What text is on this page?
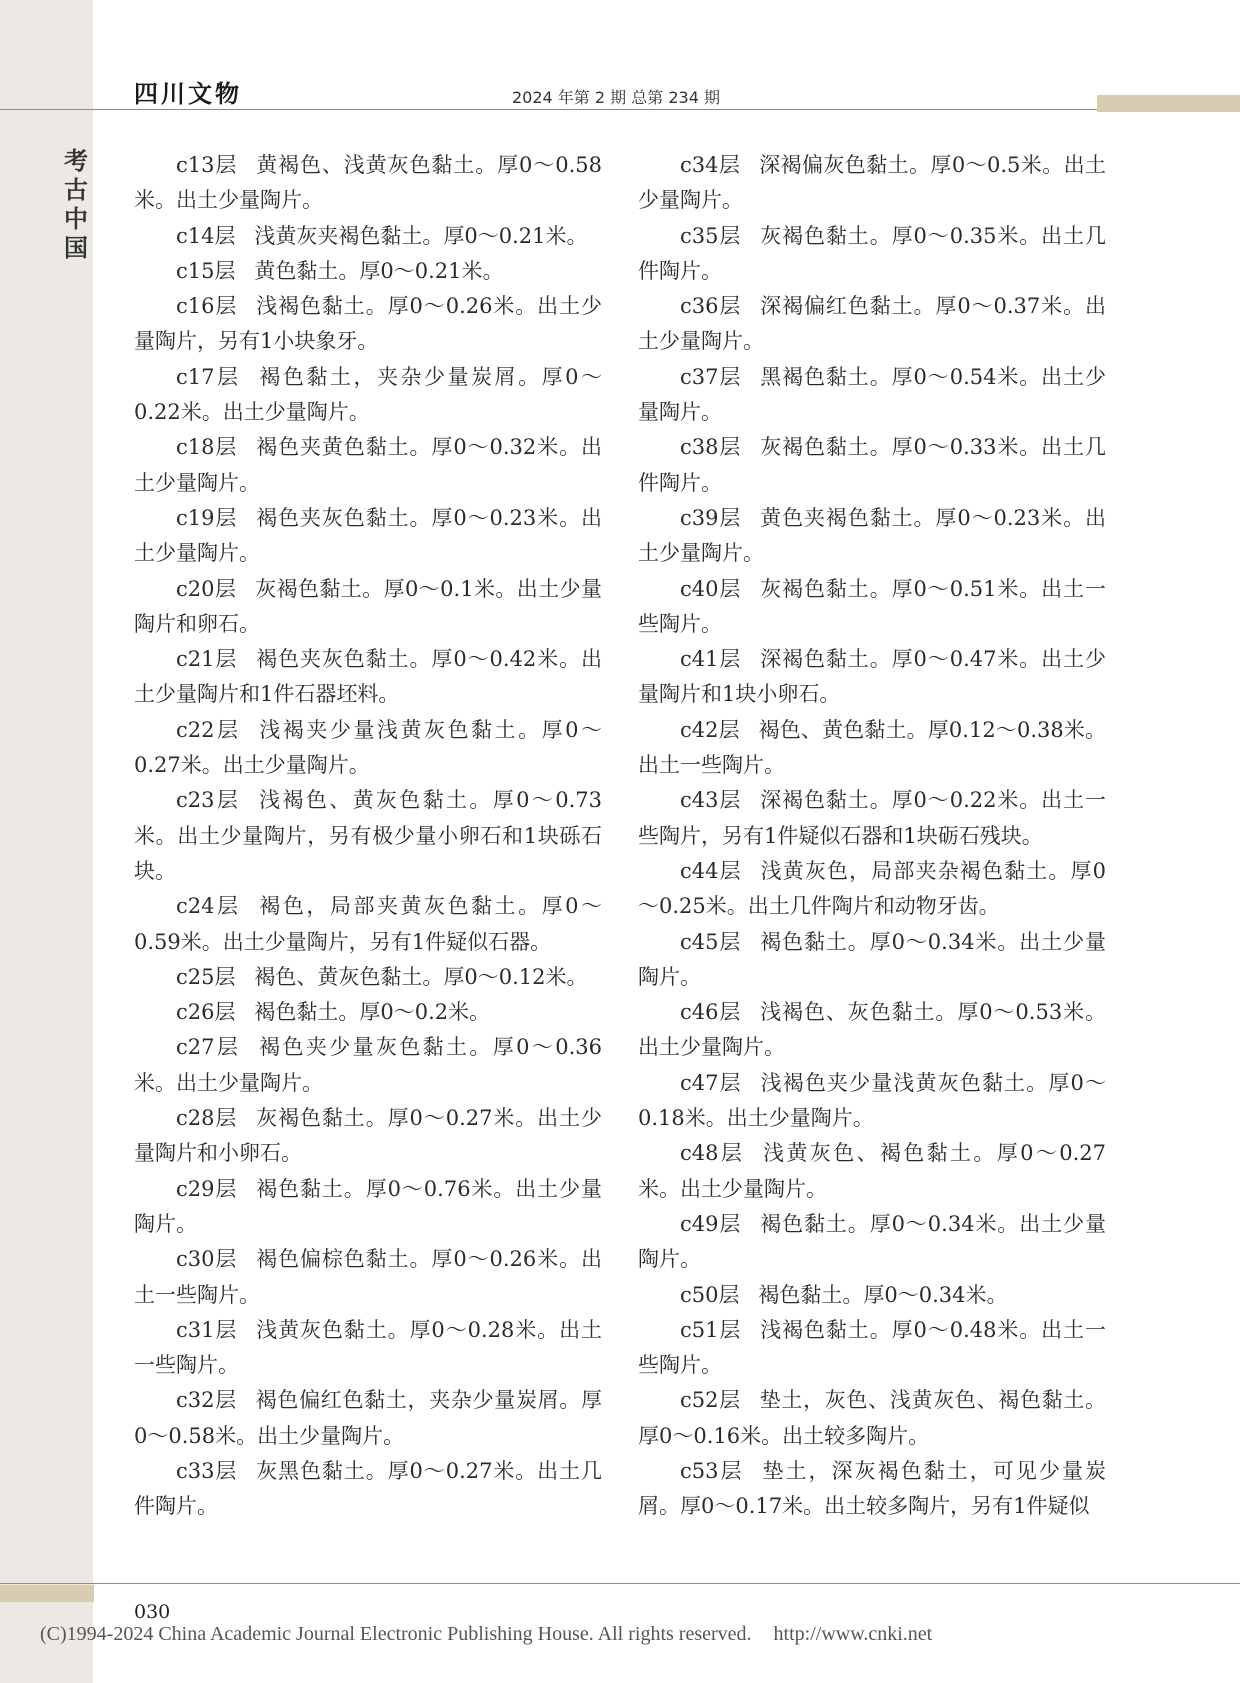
考
古
中
国
四川文物	2024 年第 2 期 总第 234 期

c13层 黄褐色、浅黄灰色黏土。厚0～0.58米。出土少量陶片。

c14层 浅黄灰夹褐色黏土。厚0～0.21米。

c15层 黄色黏土。厚0～0.21米。

c16层 浅褐色黏土。厚0～0.26米。出土少量陶片，另有1小块象牙。

c17层 褐色黏土，夹杂少量炭屑。厚0～0.22米。出土少量陶片。

c18层 褐色夹黄色黏土。厚0～0.32米。出土少量陶片。

c19层 褐色夹灰色黏土。厚0～0.23米。出土少量陶片。

c20层 灰褐色黏土。厚0～0.1米。出土少量陶片和卵石。

c21层 褐色夹灰色黏土。厚0～0.42米。出土少量陶片和1件石器坯料。

c22层 浅褐夹少量浅黄灰色黏土。厚0～0.27米。出土少量陶片。

c23层 浅褐色、黄灰色黏土。厚0～0.73米。出土少量陶片，另有极少量小卵石和1块砾石块。

c24层 褐色，局部夹黄灰色黏土。厚0～0.59米。出土少量陶片，另有1件疑似石器。

c25层 褐色、黄灰色黏土。厚0～0.12米。

c26层 褐色黏土。厚0～0.2米。

c27层 褐色夹少量灰色黏土。厚0～0.36米。出土少量陶片。

c28层 灰褐色黏土。厚0～0.27米。出土少量陶片和小卵石。

c29层 褐色黏土。厚0～0.76米。出土少量陶片。

c30层 褐色偏棕色黏土。厚0～0.26米。出土一些陶片。

c31层 浅黄灰色黏土。厚0～0.28米。出土一些陶片。

c32层 褐色偏红色黏土，夹杂少量炭屑。厚0～0.58米。出土少量陶片。

c33层 灰黑色黏土。厚0～0.27米。出土几件陶片。

c34层 深褐偏灰色黏土。厚0～0.5米。出土少量陶片。

c35层 灰褐色黏土。厚0～0.35米。出土几件陶片。

c36层 深褐偏红色黏土。厚0～0.37米。出土少量陶片。

c37层 黑褐色黏土。厚0～0.54米。出土少量陶片。

c38层 灰褐色黏土。厚0～0.33米。出土几件陶片。

c39层 黄色夹褐色黏土。厚0～0.23米。出土少量陶片。

c40层 灰褐色黏土。厚0～0.51米。出土一些陶片。

c41层 深褐色黏土。厚0～0.47米。出土少量陶片和1块小卵石。

c42层 褐色、黄色黏土。厚0.12～0.38米。出土一些陶片。

c43层 深褐色黏土。厚0～0.22米。出土一些陶片，另有1件疑似石器和1块砺石残块。

c44层 浅黄灰色，局部夹杂褐色黏土。厚0～0.25米。出土几件陶片和动物牙齿。

c45层 褐色黏土。厚0～0.34米。出土少量陶片。

c46层 浅褐色、灰色黏土。厚0～0.53米。出土少量陶片。

c47层 浅褐色夹少量浅黄灰色黏土。厚0～0.18米。出土少量陶片。

c48层 浅黄灰色、褐色黏土。厚0～0.27米。出土少量陶片。

c49层 褐色黏土。厚0～0.34米。出土少量陶片。

c50层 褐色黏土。厚0～0.34米。

c51层 浅褐色黏土。厚0～0.48米。出土一些陶片。

c52层 垫土，灰色、浅黄灰色、褐色黏土。厚0～0.16米。出土较多陶片。

c53层 垫土，深灰褐色黏土，可见少量炭屑。厚0～0.17米。出土较多陶片，另有1件疑似

030
(C)1994-2024 China Academic Journal Electronic Publishing House. All rights reserved. http://www.cnki.net
